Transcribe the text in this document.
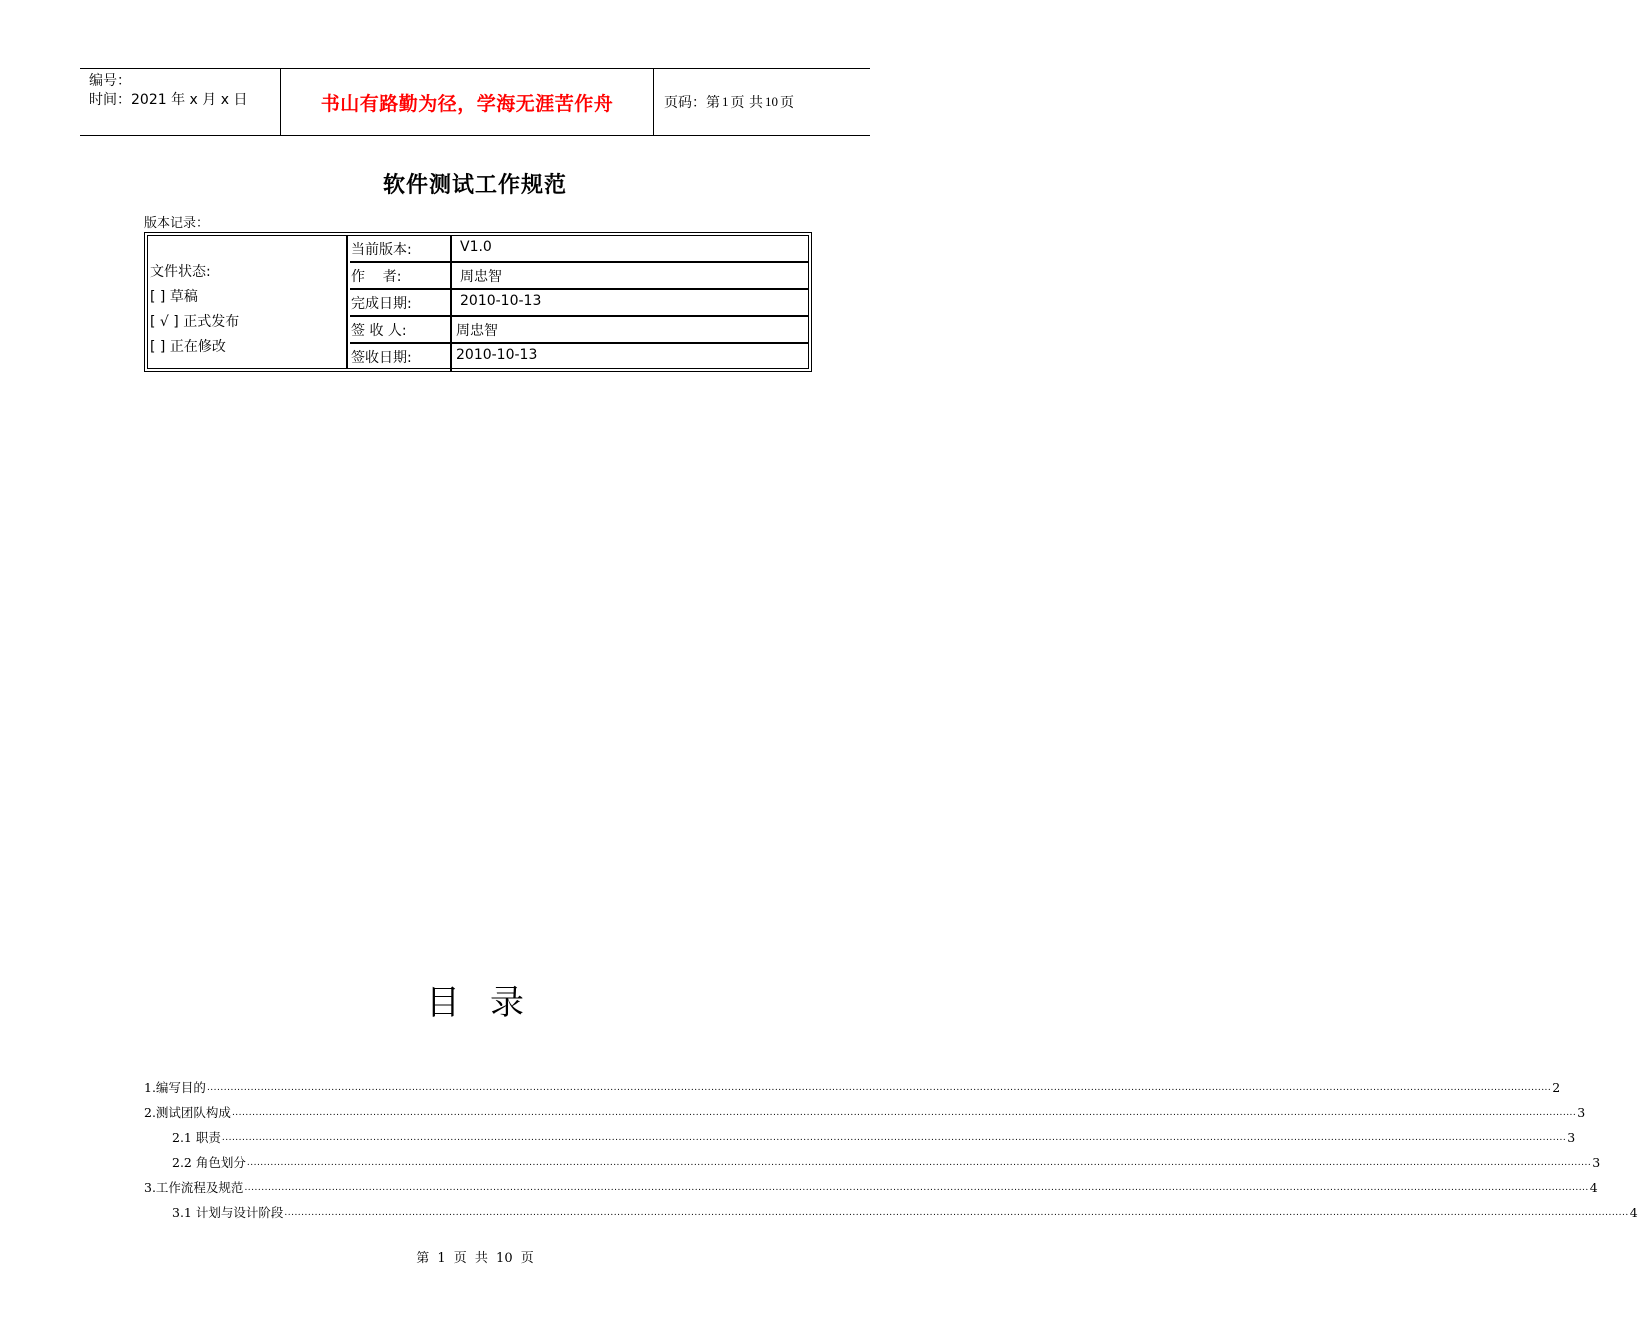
编号：
时间：2021 年 x 月 x 日	书山有路勤为径，学海无涯苦作舟	页码：第 1 页 共 10 页
软件测试工作规范
版本记录：
文件状态:
[ ] 草稿
[ √ ] 正式发布
[ ] 正在修改
当前版本:	V1.0
作    者:	周忠智
完成日期:	2010-10-13
签 收 人:	周忠智
签收日期:	2010-10-13
目录
1.编写目的 ................................................................................................................................................................................................................................................................................................................................................................................................................ 2
2.测试团队构成 ................................................................................................................................................................................................................................................................................................................................................................................................................ 3
2.1 职责 ................................................................................................................................................................................................................................................................................................................................................................................................................ 3
2.2 角色划分 ................................................................................................................................................................................................................................................................................................................................................................................................................ 3
3.工作流程及规范 ................................................................................................................................................................................................................................................................................................................................................................................................................ 4
3.1 计划与设计阶段 ................................................................................................................................................................................................................................................................................................................................................................................................................ 4
第 1 页 共 10 页
